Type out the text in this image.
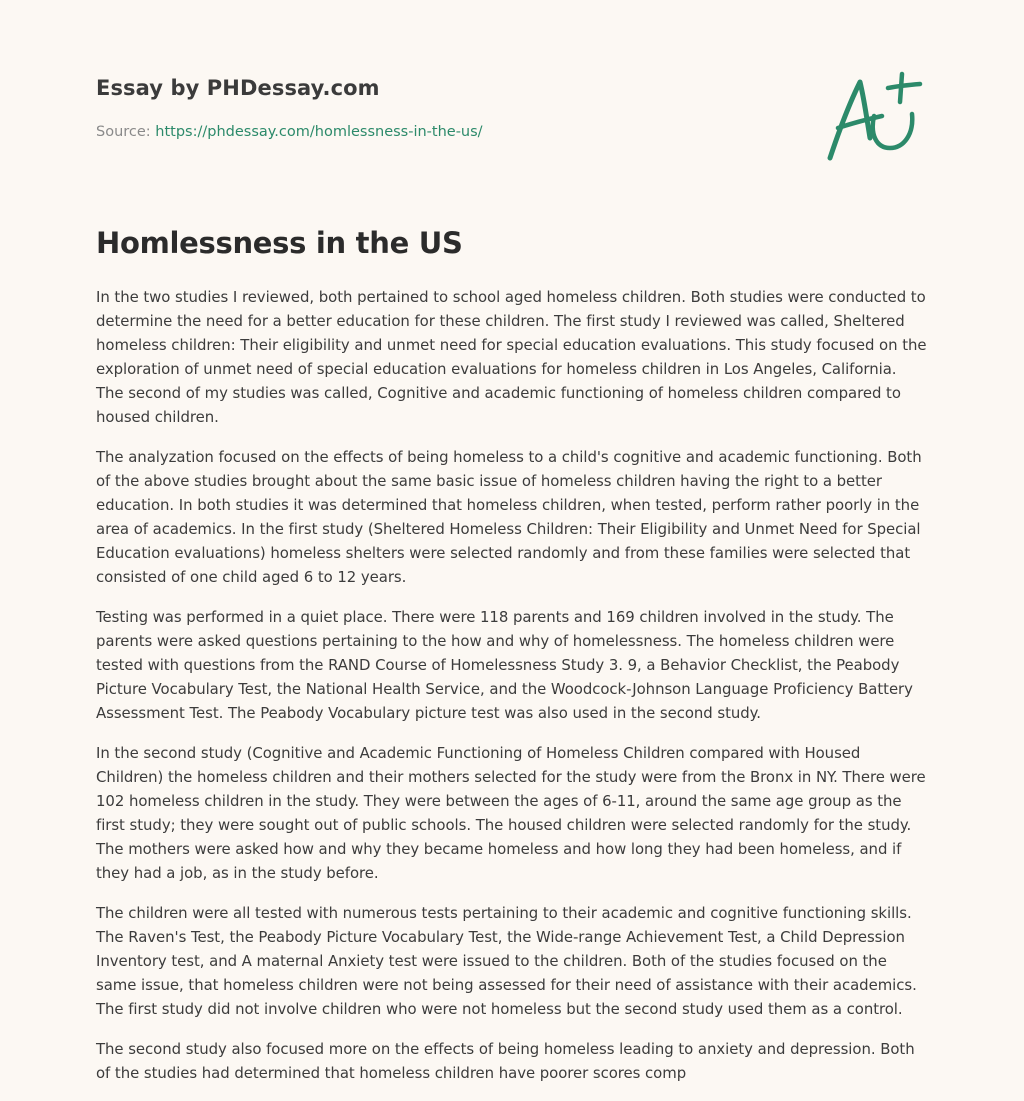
Essay by PHDessay.com
Source: https://phdessay.com/homlessness-in-the-us/
Homlessness in the US

In the two studies I reviewed, both pertained to school aged homeless children. Both studies were conducted to determine the need for a better education for these children. The first study I reviewed was called, Sheltered homeless children: Their eligibility and unmet need for special education evaluations. This study focused on the exploration of unmet need of special education evaluations for homeless children in Los Angeles, California. The second of my studies was called, Cognitive and academic functioning of homeless children compared to housed children.

The analyzation focused on the effects of being homeless to a child's cognitive and academic functioning. Both of the above studies brought about the same basic issue of homeless children having the right to a better education. In both studies it was determined that homeless children, when tested, perform rather poorly in the area of academics. In the first study (Sheltered Homeless Children: Their Eligibility and Unmet Need for Special Education evaluations) homeless shelters were selected randomly and from these families were selected that consisted of one child aged 6 to 12 years.

Testing was performed in a quiet place. There were 118 parents and 169 children involved in the study. The parents were asked questions pertaining to the how and why of homelessness. The homeless children were tested with questions from the RAND Course of Homelessness Study 3. 9, a Behavior Checklist, the Peabody Picture Vocabulary Test, the National Health Service, and the Woodcock-Johnson Language Proficiency Battery Assessment Test. The Peabody Vocabulary picture test was also used in the second study.

In the second study (Cognitive and Academic Functioning of Homeless Children compared with Housed Children) the homeless children and their mothers selected for the study were from the Bronx in NY. There were 102 homeless children in the study. They were between the ages of 6-11, around the same age group as the first study; they were sought out of public schools. The housed children were selected randomly for the study. The mothers were asked how and why they became homeless and how long they had been homeless, and if they had a job, as in the study before.

The children were all tested with numerous tests pertaining to their academic and cognitive functioning skills. The Raven's Test, the Peabody Picture Vocabulary Test, the Wide-range Achievement Test, a Child Depression Inventory test, and A maternal Anxiety test were issued to the children. Both of the studies focused on the same issue, that homeless children were not being assessed for their need of assistance with their academics. The first study did not involve children who were not homeless but the second study used them as a control.

The second study also focused more on the effects of being homeless leading to anxiety and depression. Both of the studies had determined that homeless children have poorer scores comp
